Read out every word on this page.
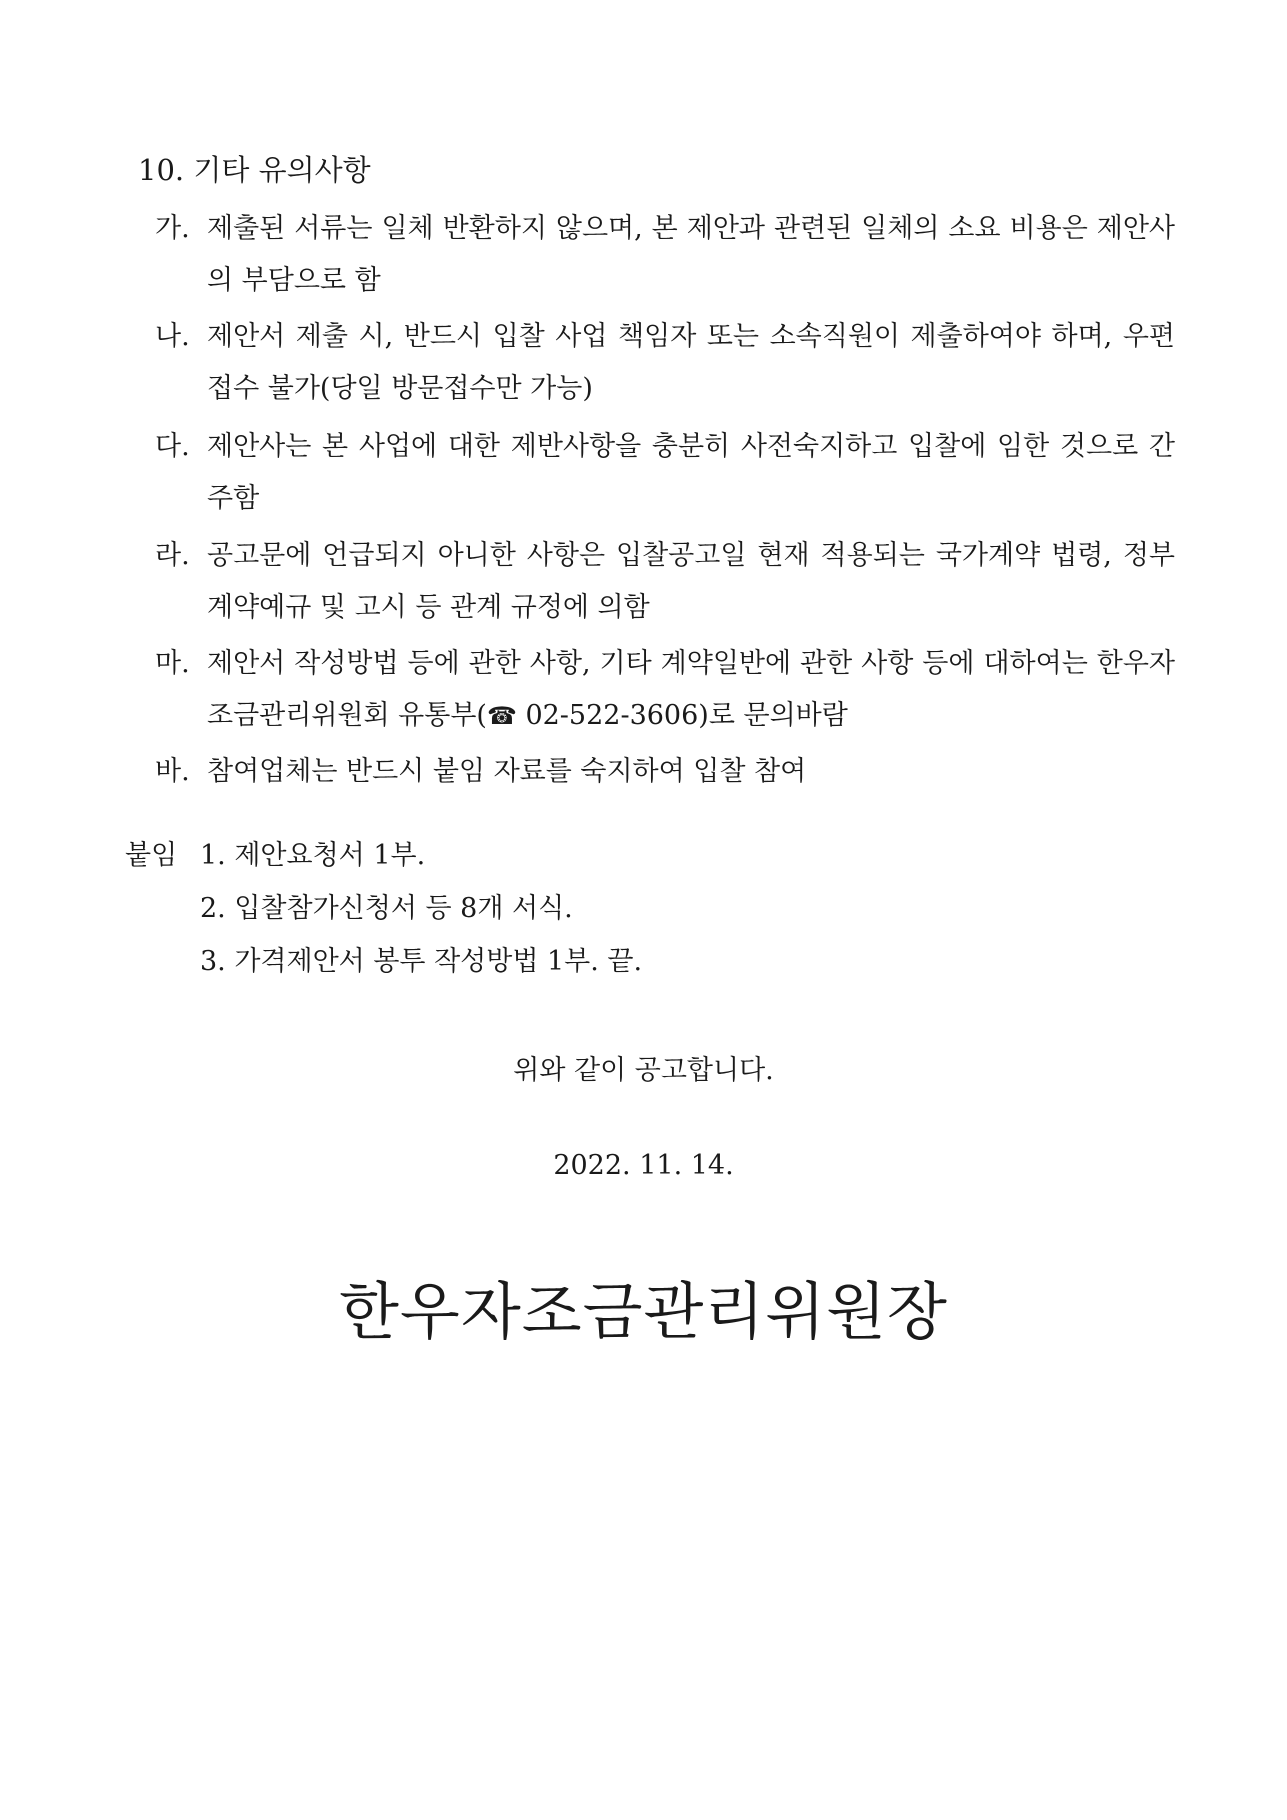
10. 기타 유의사항
가. 제출된 서류는 일체 반환하지 않으며, 본 제안과 관련된 일체의 소요 비용은 제안사의 부담으로 함
나. 제안서 제출 시, 반드시 입찰 사업 책임자 또는 소속직원이 제출하여야 하며, 우편접수 불가(당일 방문접수만 가능)
다. 제안사는 본 사업에 대한 제반사항을 충분히 사전숙지하고 입찰에 임한 것으로 간주함
라. 공고문에 언급되지 아니한 사항은 입찰공고일 현재 적용되는 국가계약 법령, 정부 계약예규 및 고시 등 관계 규정에 의함
마. 제안서 작성방법 등에 관한 사항, 기타 계약일반에 관한 사항 등에 대하여는 한우자조금관리위원회 유통부(☎ 02-522-3606)로 문의바람
바. 참여업체는 반드시 붙임 자료를 숙지하여 입찰 참여
붙임 1. 제안요청서 1부.
2. 입찰참가신청서 등 8개 서식.
3. 가격제안서 봉투 작성방법 1부. 끝.
위와 같이 공고합니다.
2022. 11. 14.
한우자조금관리위원장
